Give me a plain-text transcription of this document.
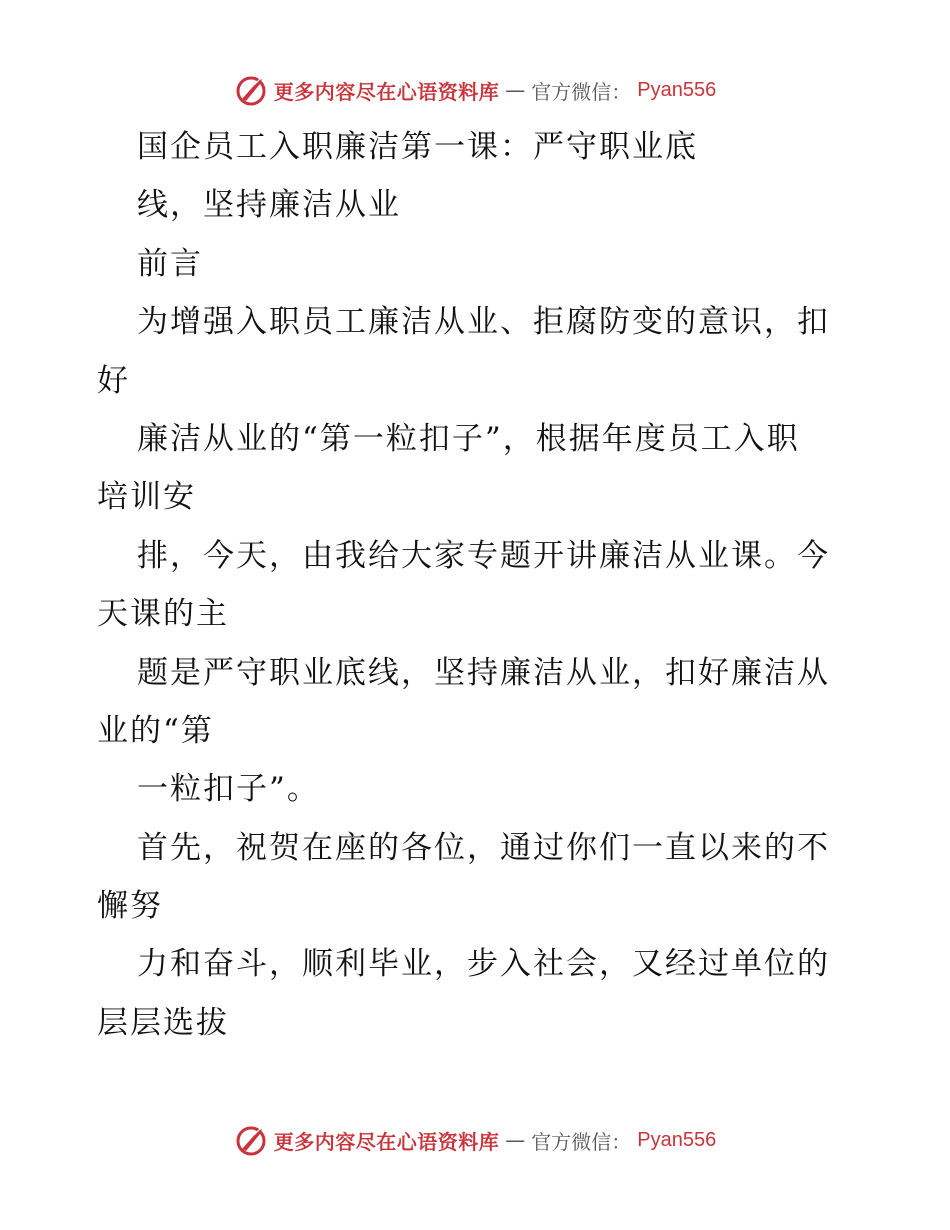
更多内容尽在心语资料库 — 官方微信： Pyan556
国企员工入职廉洁第一课：严守职业底
线，坚持廉洁从业
前言
为增强入职员工廉洁从业、拒腐防变的意识，扣
好
廉洁从业的“第一粒扣子”，根据年度员工入职
培训安
排，今天，由我给大家专题开讲廉洁从业课。今
天课的主
题是严守职业底线，坚持廉洁从业，扣好廉洁从
业的“第
一粒扣子”。
首先，祝贺在座的各位，通过你们一直以来的不
懈努
力和奋斗，顺利毕业，步入社会，又经过单位的
层层选拔
更多内容尽在心语资料库 — 官方微信： Pyan556
